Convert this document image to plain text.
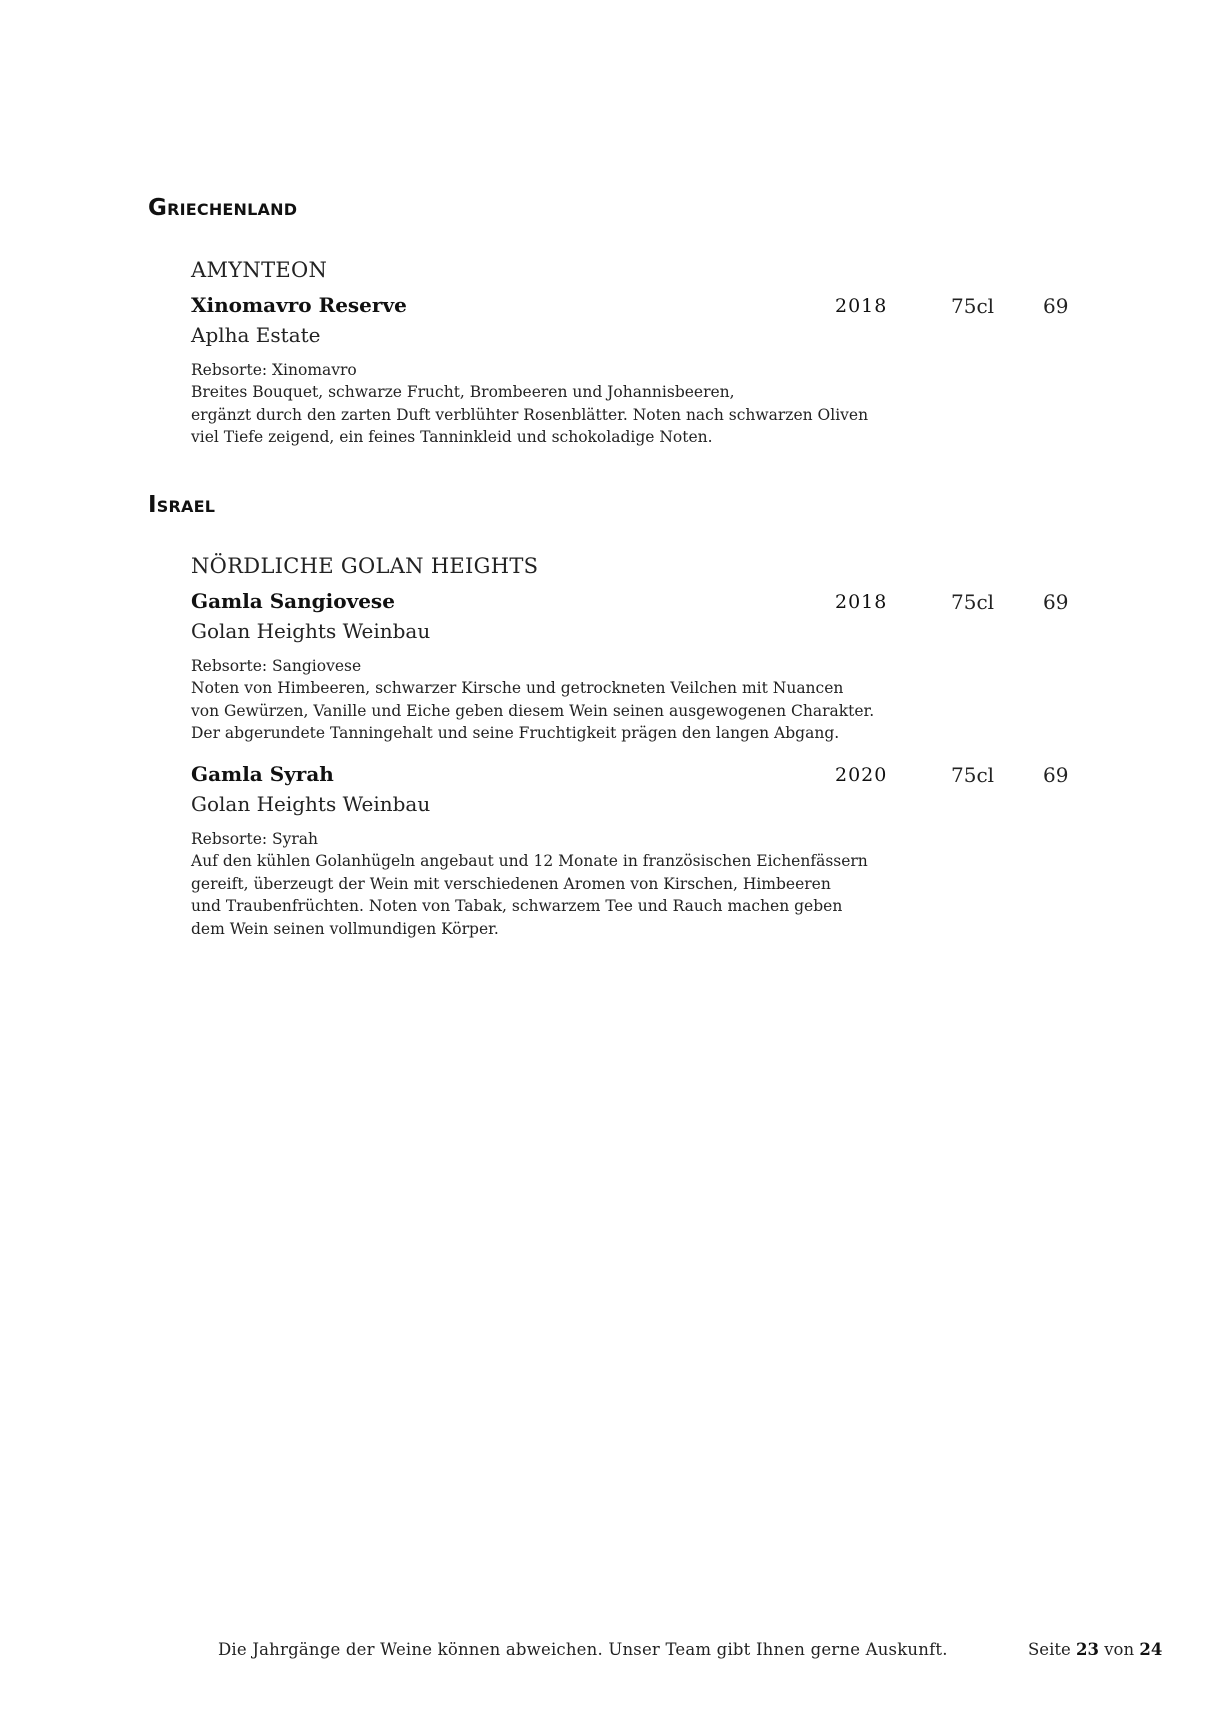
Griechenland
AMYNTEON
Xinomavro Reserve	2018	75cl 69
Aplha Estate
Rebsorte: Xinomavro
Breites Bouquet, schwarze Frucht, Brombeeren und Johannisbeeren,
ergänzt durch den zarten Duft verblühter Rosenblätter. Noten nach schwarzen Oliven
viel Tiefe zeigend, ein feines Tanninkleid und schokoladige Noten.
Israel
NÖRDLICHE GOLAN HEIGHTS
Gamla Sangiovese	2018	75cl 69
Golan Heights Weinbau
Rebsorte: Sangiovese
Noten von Himbeeren, schwarzer Kirsche und getrockneten Veilchen mit Nuancen
von Gewürzen, Vanille und Eiche geben diesem Wein seinen ausgewogenen Charakter.
Der abgerundete Tanningehalt und seine Fruchtigkeit prägen den langen Abgang.
Gamla Syrah	2020	75cl 69
Golan Heights Weinbau
Rebsorte: Syrah
Auf den kühlen Golanhügeln angebaut und 12 Monate in französischen Eichenfässern
gereift, überzeugt der Wein mit verschiedenen Aromen von Kirschen, Himbeeren
und Traubenfrüchten. Noten von Tabak, schwarzem Tee und Rauch machen geben
dem Wein seinen vollmundigen Körper.
Die Jahrgänge der Weine können abweichen. Unser Team gibt Ihnen gerne Auskunft.	Seite 23 von 24
